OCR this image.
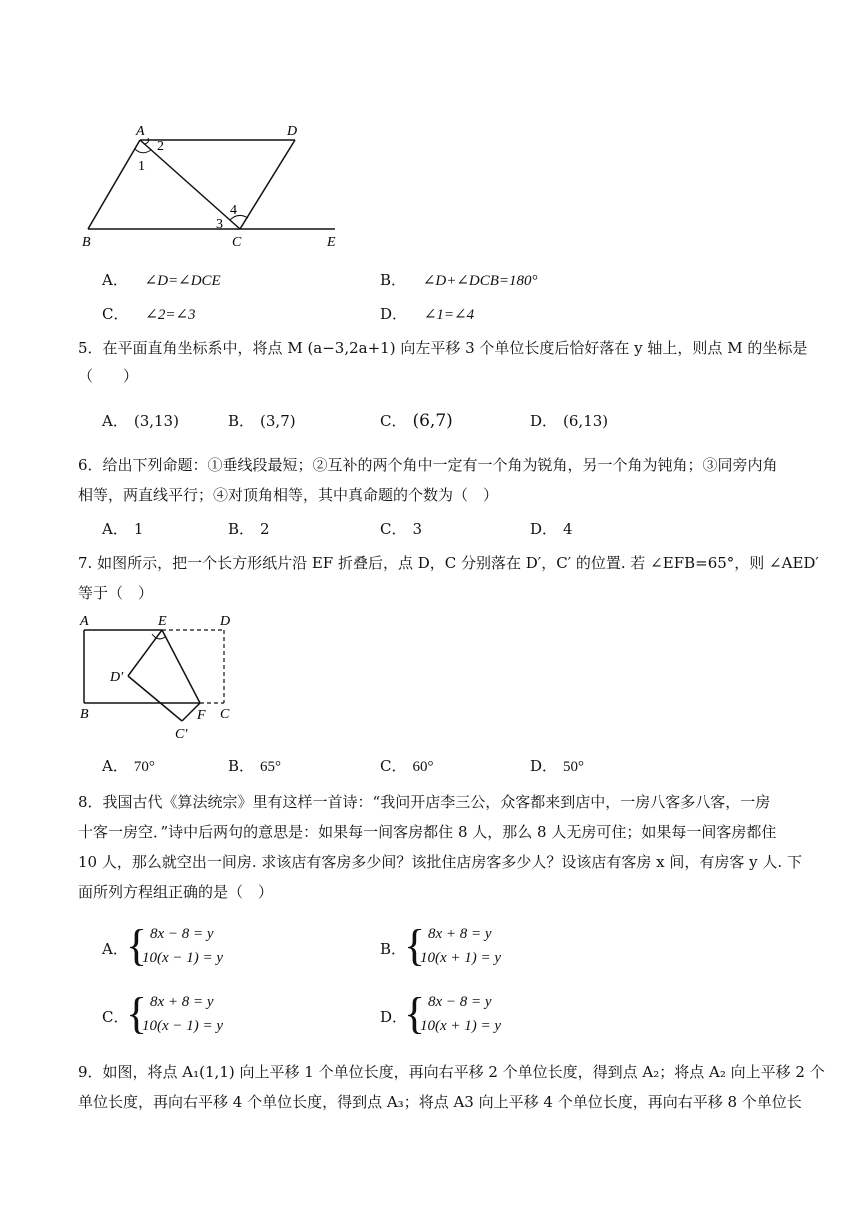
A	D
B	C	E
1
2
3
4
A． ∠D=∠DCE	B． ∠D+∠DCB=180°
C． ∠2=∠3	D． ∠1=∠4
5．在平面直角坐标系中，将点 M (a−3,2a+1) 向左平移 3 个单位长度后恰好落在 y 轴上，则点 M 的坐标是
（　　）
A． (3,13)	B． (3,7)	C． (6,7)	D． (6,13)
6．给出下列命题：①垂线段最短；②互补的两个角中一定有一个角为锐角，另一个角为钝角；③同旁内角
相等，两直线平行；④对顶角相等，其中真命题的个数为（　）
A． 1	B． 2	C． 3	D． 4
7. 如图所示，把一个长方形纸片沿 EF 折叠后，点 D，C 分别落在 D′，C′ 的位置. 若 ∠EFB=65°，则 ∠AED′
等于（　）
A	E	D
D′
B	F C
C′
A． 70°	B． 65°	C． 60°	D． 50°
8．我国古代《算法统宗》里有这样一首诗：“我问开店李三公，众客都来到店中，一房八客多八客，一房
十客一房空．”诗中后两句的意思是：如果每一间客房都住 8 人，那么 8 人无房可住；如果每一间客房都住
10 人，那么就空出一间房. 求该店有客房多少间？该批住店房客多少人？设该店有客房 x 间，有房客 y 人. 下
面所列方程组正确的是（　）
A．
{ 8x − 8 = y
10(x − 1) = y	B．
{ 8x + 8 = y
10(x + 1) = y
C．
{ 8x + 8 = y
10(x − 1) = y	D．
{ 8x − 8 = y
10(x + 1) = y
9．如图，将点 A₁(1,1) 向上平移 1 个单位长度，再向右平移 2 个单位长度，得到点 A₂；将点 A₂ 向上平移 2 个
单位长度，再向右平移 4 个单位长度，得到点 A₃；将点 A3 向上平移 4 个单位长度，再向右平移 8 个单位长
